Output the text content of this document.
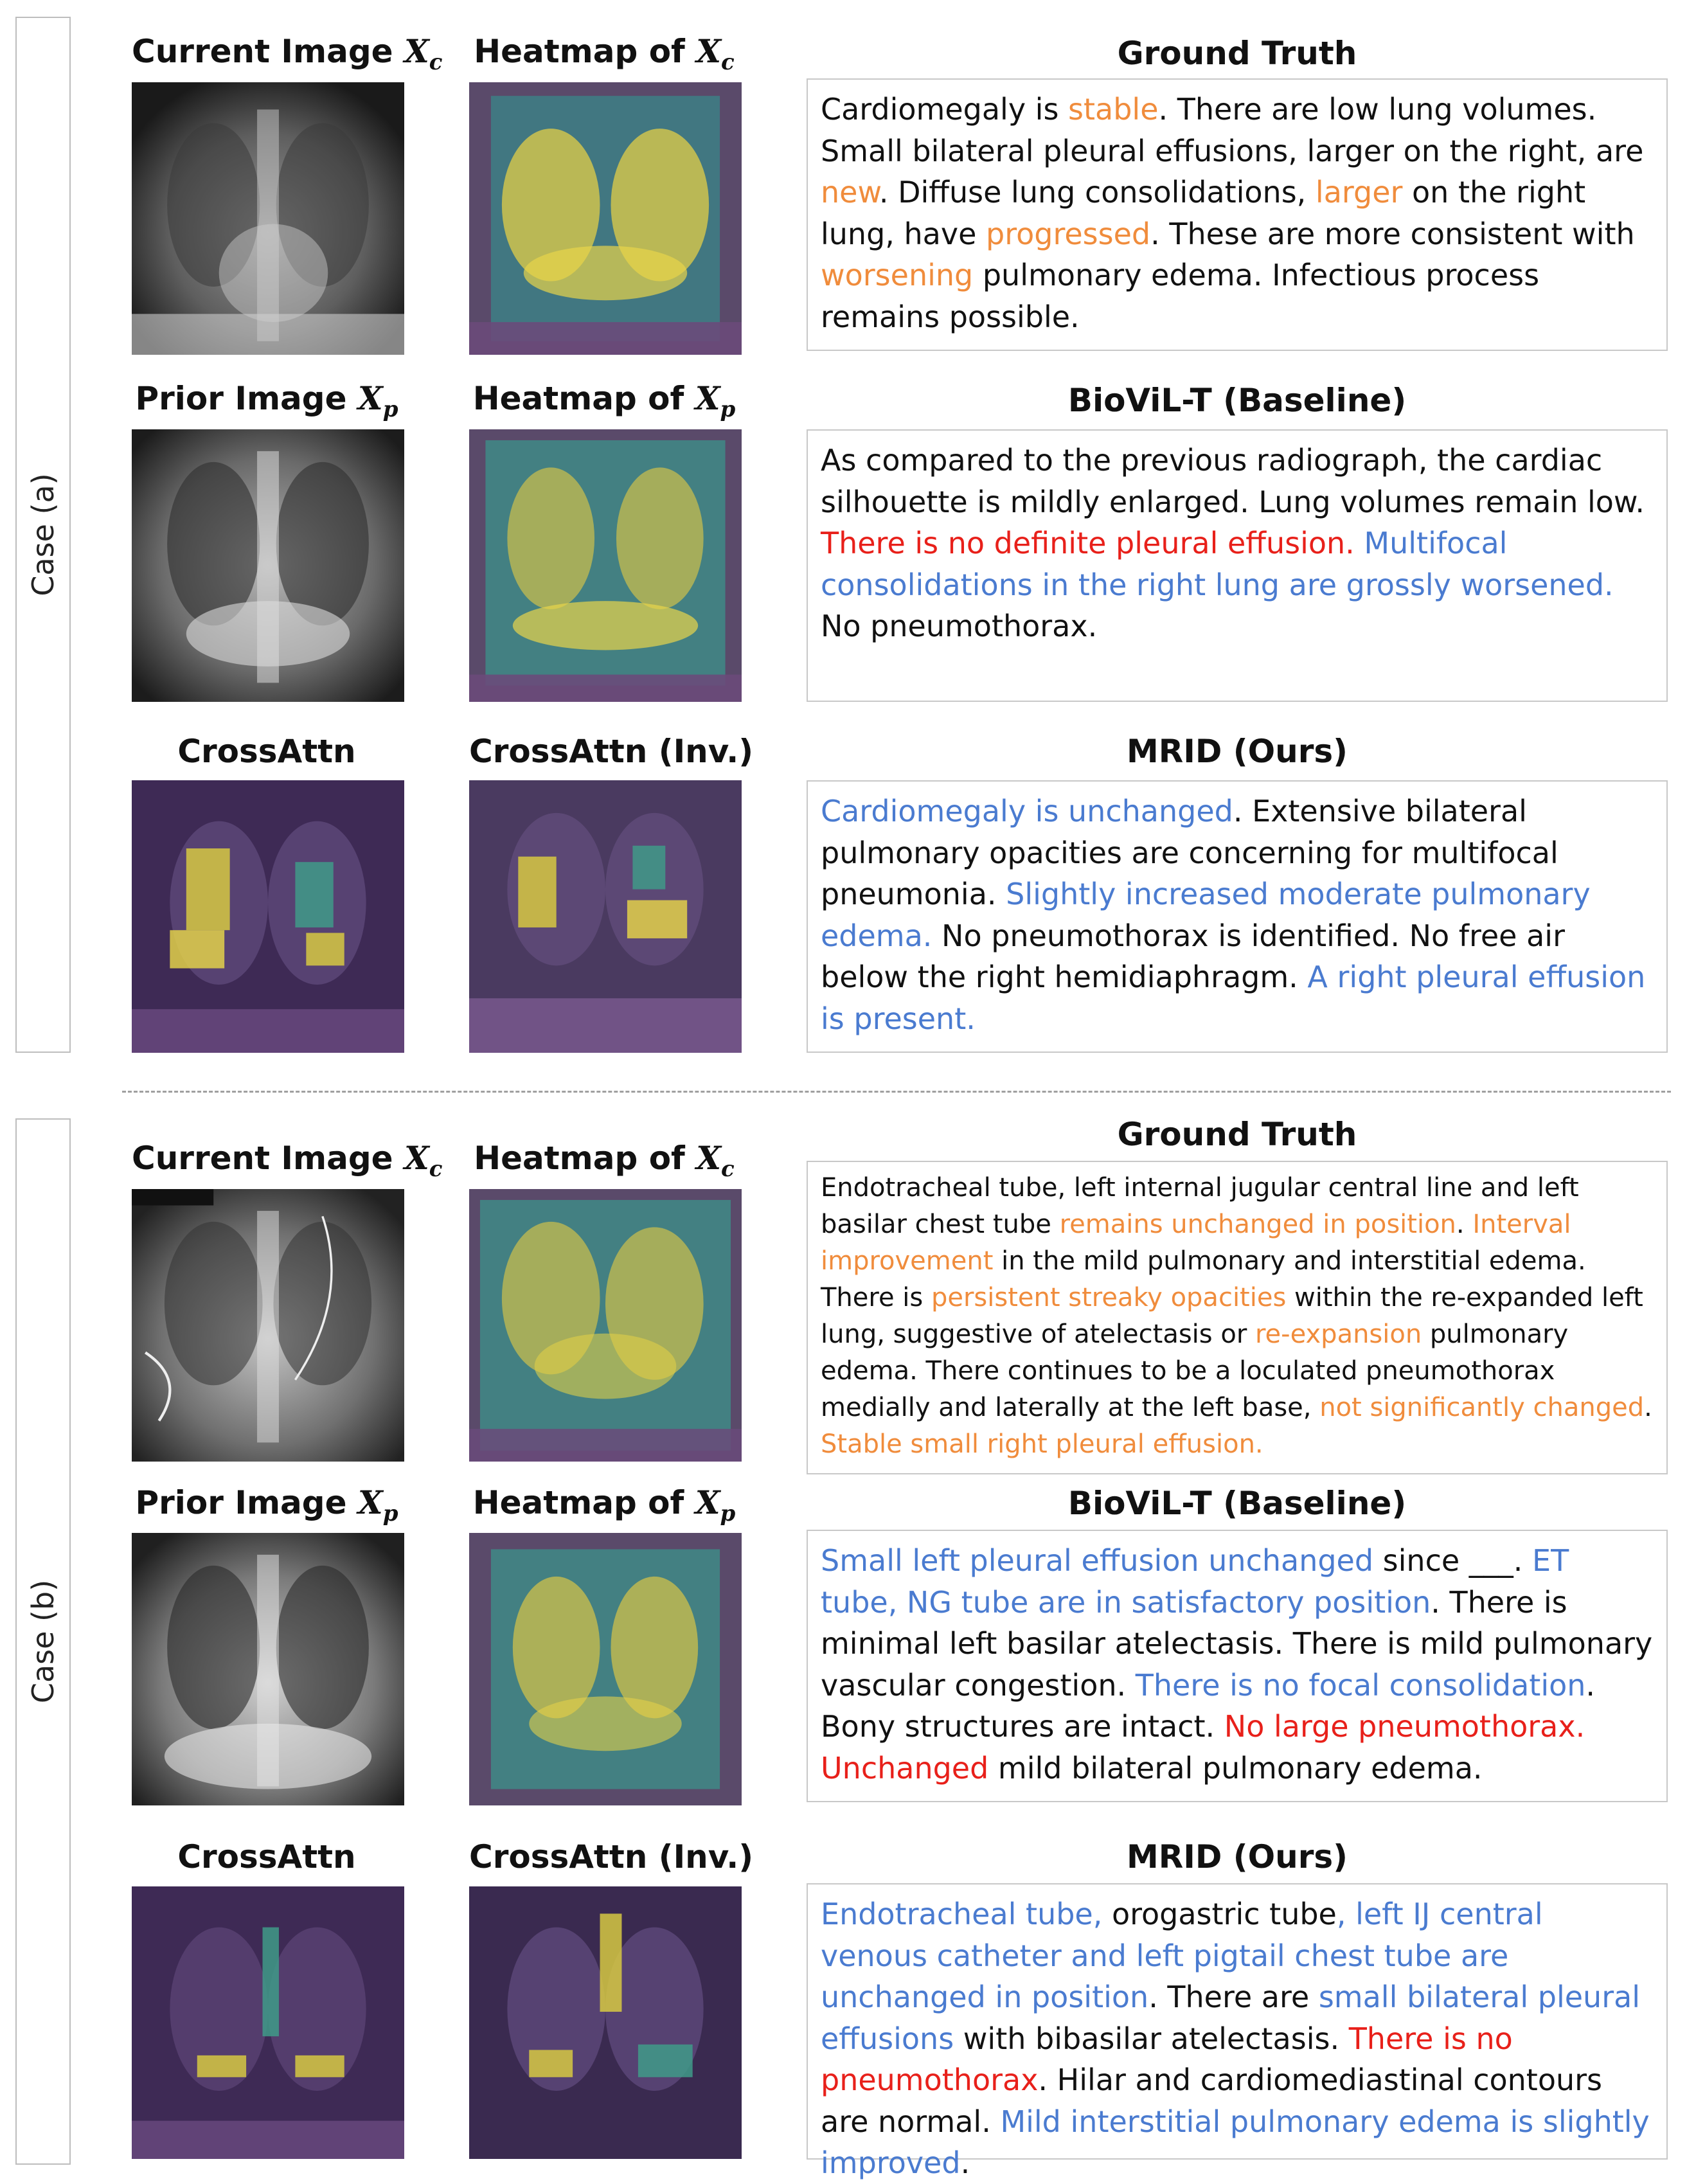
Case (a)
Current Image $X_c$ Heatmap of $X_c$	Ground Truth
Cardiomegaly is stable. There are low lung volumes. Small bilateral pleural effusions, larger on the right, are new. Diffuse lung consolidations, larger on the right lung, have progressed. These are more consistent with worsening pulmonary edema. Infectious process remains possible.
Prior Image $X_p$ Heatmap of $X_p$	BioViL-T (Baseline)
As compared to the previous radiograph, the cardiac silhouette is mildly enlarged. Lung volumes remain low. There is no definite pleural effusion. Multifocal consolidations in the right lung are grossly worsened. No pneumothorax.
CrossAttn	CrossAttn (Inv.)	MRID (Ours)
Cardiomegaly is unchanged. Extensive bilateral pulmonary opacities are concerning for multifocal pneumonia. Slightly increased moderate pulmonary edema. No pneumothorax is identified. No free air below the right hemidiaphragm. A right pleural effusion is present.
Case (b)
Current Image $X_c$ Heatmap of $X_c$
Ground Truth
Endotracheal tube, left internal jugular central line and left basilar chest tube remains unchanged in position. Interval improvement in the mild pulmonary and interstitial edema. There is persistent streaky opacities within the re-expanded left lung, suggestive of atelectasis or re-expansion pulmonary edema. There continues to be a loculated pneumothorax medially and laterally at the left base, not significantly changed. Stable small right pleural effusion.
Prior Image $X_p$ Heatmap of $X_p$	BioViL-T (Baseline)
Small left pleural effusion unchanged since ___. ET tube, NG tube are in satisfactory position. There is minimal left basilar atelectasis. There is mild pulmonary vascular congestion. There is no focal consolidation. Bony structures are intact. No large pneumothorax. Unchanged mild bilateral pulmonary edema.
CrossAttn	CrossAttn (Inv.)	MRID (Ours)
Endotracheal tube, orogastric tube, left IJ central venous catheter and left pigtail chest tube are unchanged in position. There are small bilateral pleural effusions with bibasilar atelectasis. There is no pneumothorax. Hilar and cardiomediastinal contours are normal. Mild interstitial pulmonary edema is slightly improved.
